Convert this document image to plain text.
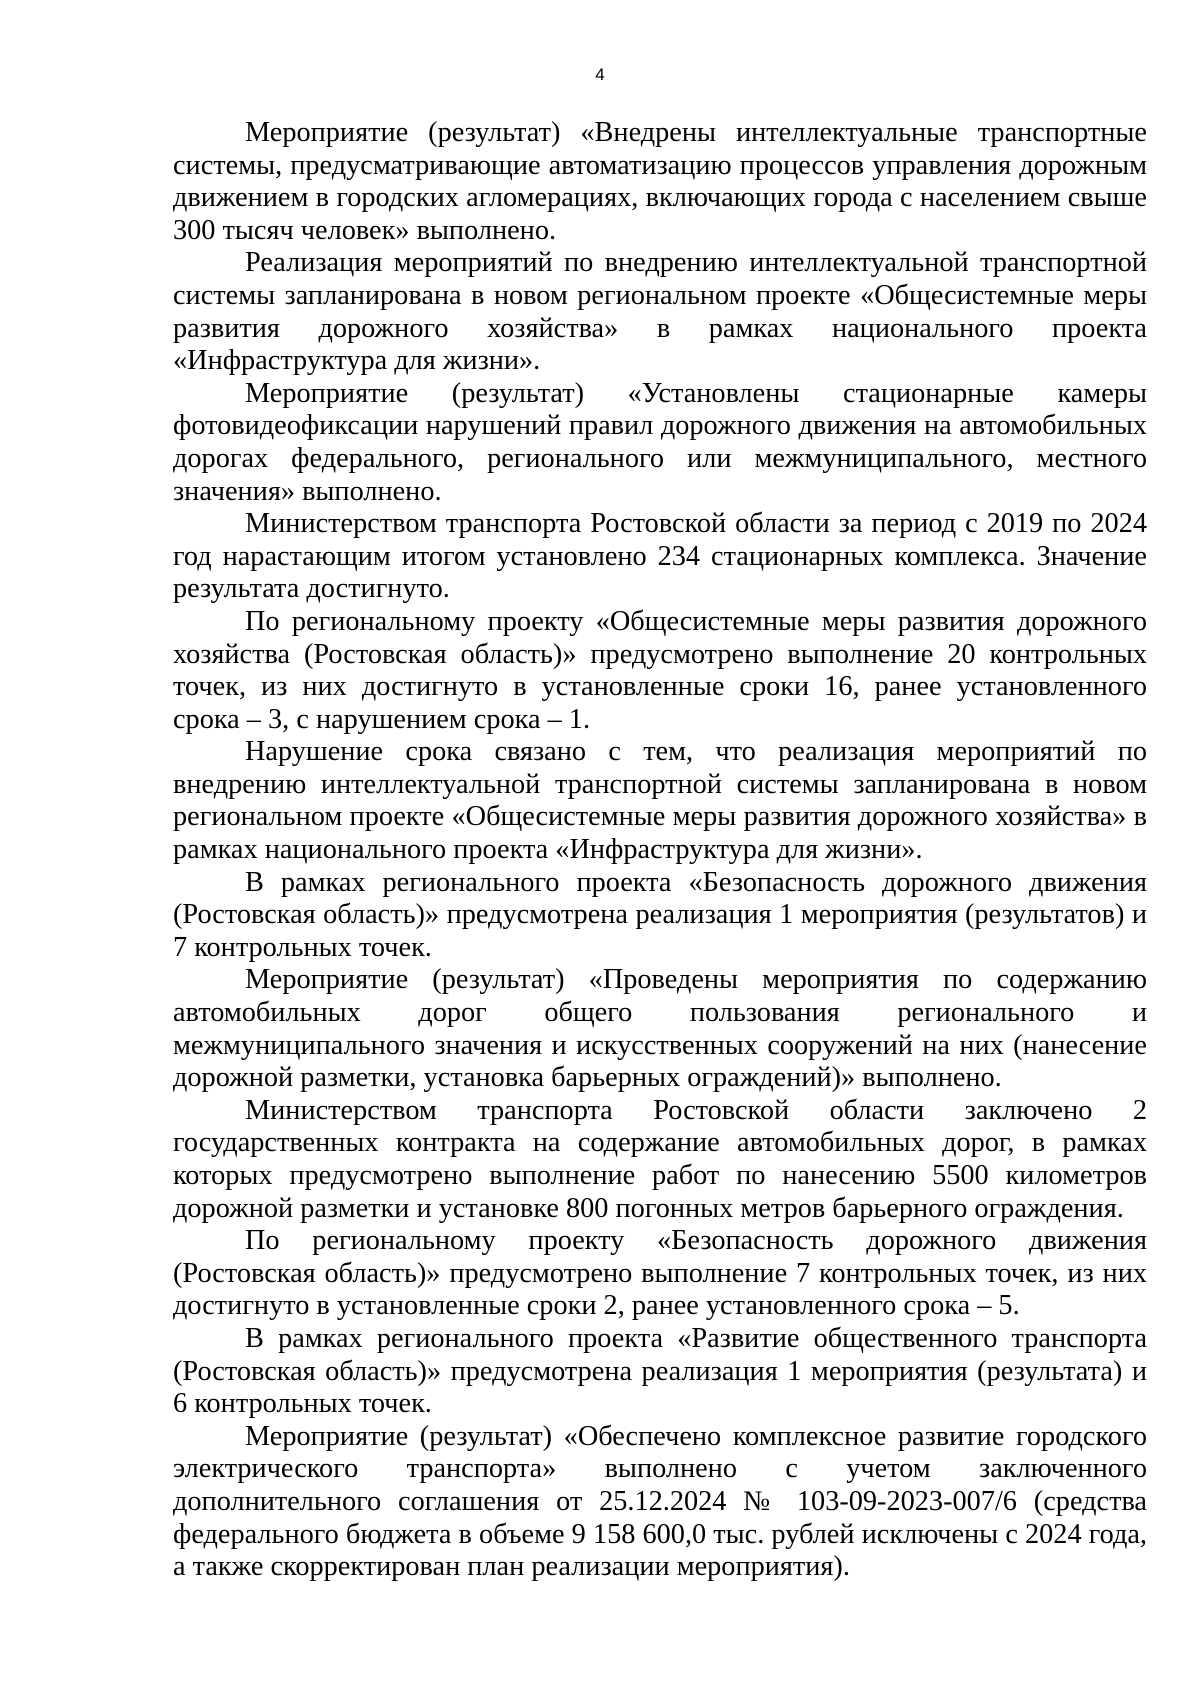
4

Мероприятие (результат) «Внедрены интеллектуальные транспортные системы, предусматривающие автоматизацию процессов управления дорожным движением в городских агломерациях, включающих города с населением свыше 300 тысяч человек» выполнено.

Реализация мероприятий по внедрению интеллектуальной транспортной системы запланирована в новом региональном проекте «Общесистемные меры развития дорожного хозяйства» в рамках национального проекта «Инфраструктура для жизни».

Мероприятие (результат) «Установлены стационарные камеры фотовидеофиксации нарушений правил дорожного движения на автомобильных дорогах федерального, регионального или межмуниципального, местного значения» выполнено.

Министерством транспорта Ростовской области за период с 2019 по 2024 год нарастающим итогом установлено 234 стационарных комплекса. Значение результата достигнуто.

По региональному проекту «Общесистемные меры развития дорожного хозяйства (Ростовская область)» предусмотрено выполнение 20 контрольных точек, из них достигнуто в установленные сроки 16, ранее установленного срока – 3, с нарушением срока – 1.

Нарушение срока связано с тем, что реализация мероприятий по внедрению интеллектуальной транспортной системы запланирована в новом региональном проекте «Общесистемные меры развития дорожного хозяйства» в рамках национального проекта «Инфраструктура для жизни».

В рамках регионального проекта «Безопасность дорожного движения (Ростовская область)» предусмотрена реализация 1 мероприятия (результатов) и 7 контрольных точек.

Мероприятие (результат) «Проведены мероприятия по содержанию автомобильных дорог общего пользования регионального и межмуниципального значения и искусственных сооружений на них (нанесение дорожной разметки, установка барьерных ограждений)» выполнено.

Министерством транспорта Ростовской области заключено 2 государственных контракта на содержание автомобильных дорог, в рамках которых предусмотрено выполнение работ по нанесению 5500 километров дорожной разметки и установке 800 погонных метров барьерного ограждения.

По региональному проекту «Безопасность дорожного движения (Ростовская область)» предусмотрено выполнение 7 контрольных точек, из них достигнуто в установленные сроки 2, ранее установленного срока – 5.

В рамках регионального проекта «Развитие общественного транспорта (Ростовская область)» предусмотрена реализация 1 мероприятия (результата) и 6 контрольных точек.

Мероприятие (результат) «Обеспечено комплексное развитие городского электрического транспорта» выполнено с учетом заключенного дополнительного соглашения от 25.12.2024 № 103-09-2023-007/6 (средства федерального бюджета в объеме 9 158 600,0 тыс. рублей исключены с 2024 года, а также скорректирован план реализации мероприятия).
